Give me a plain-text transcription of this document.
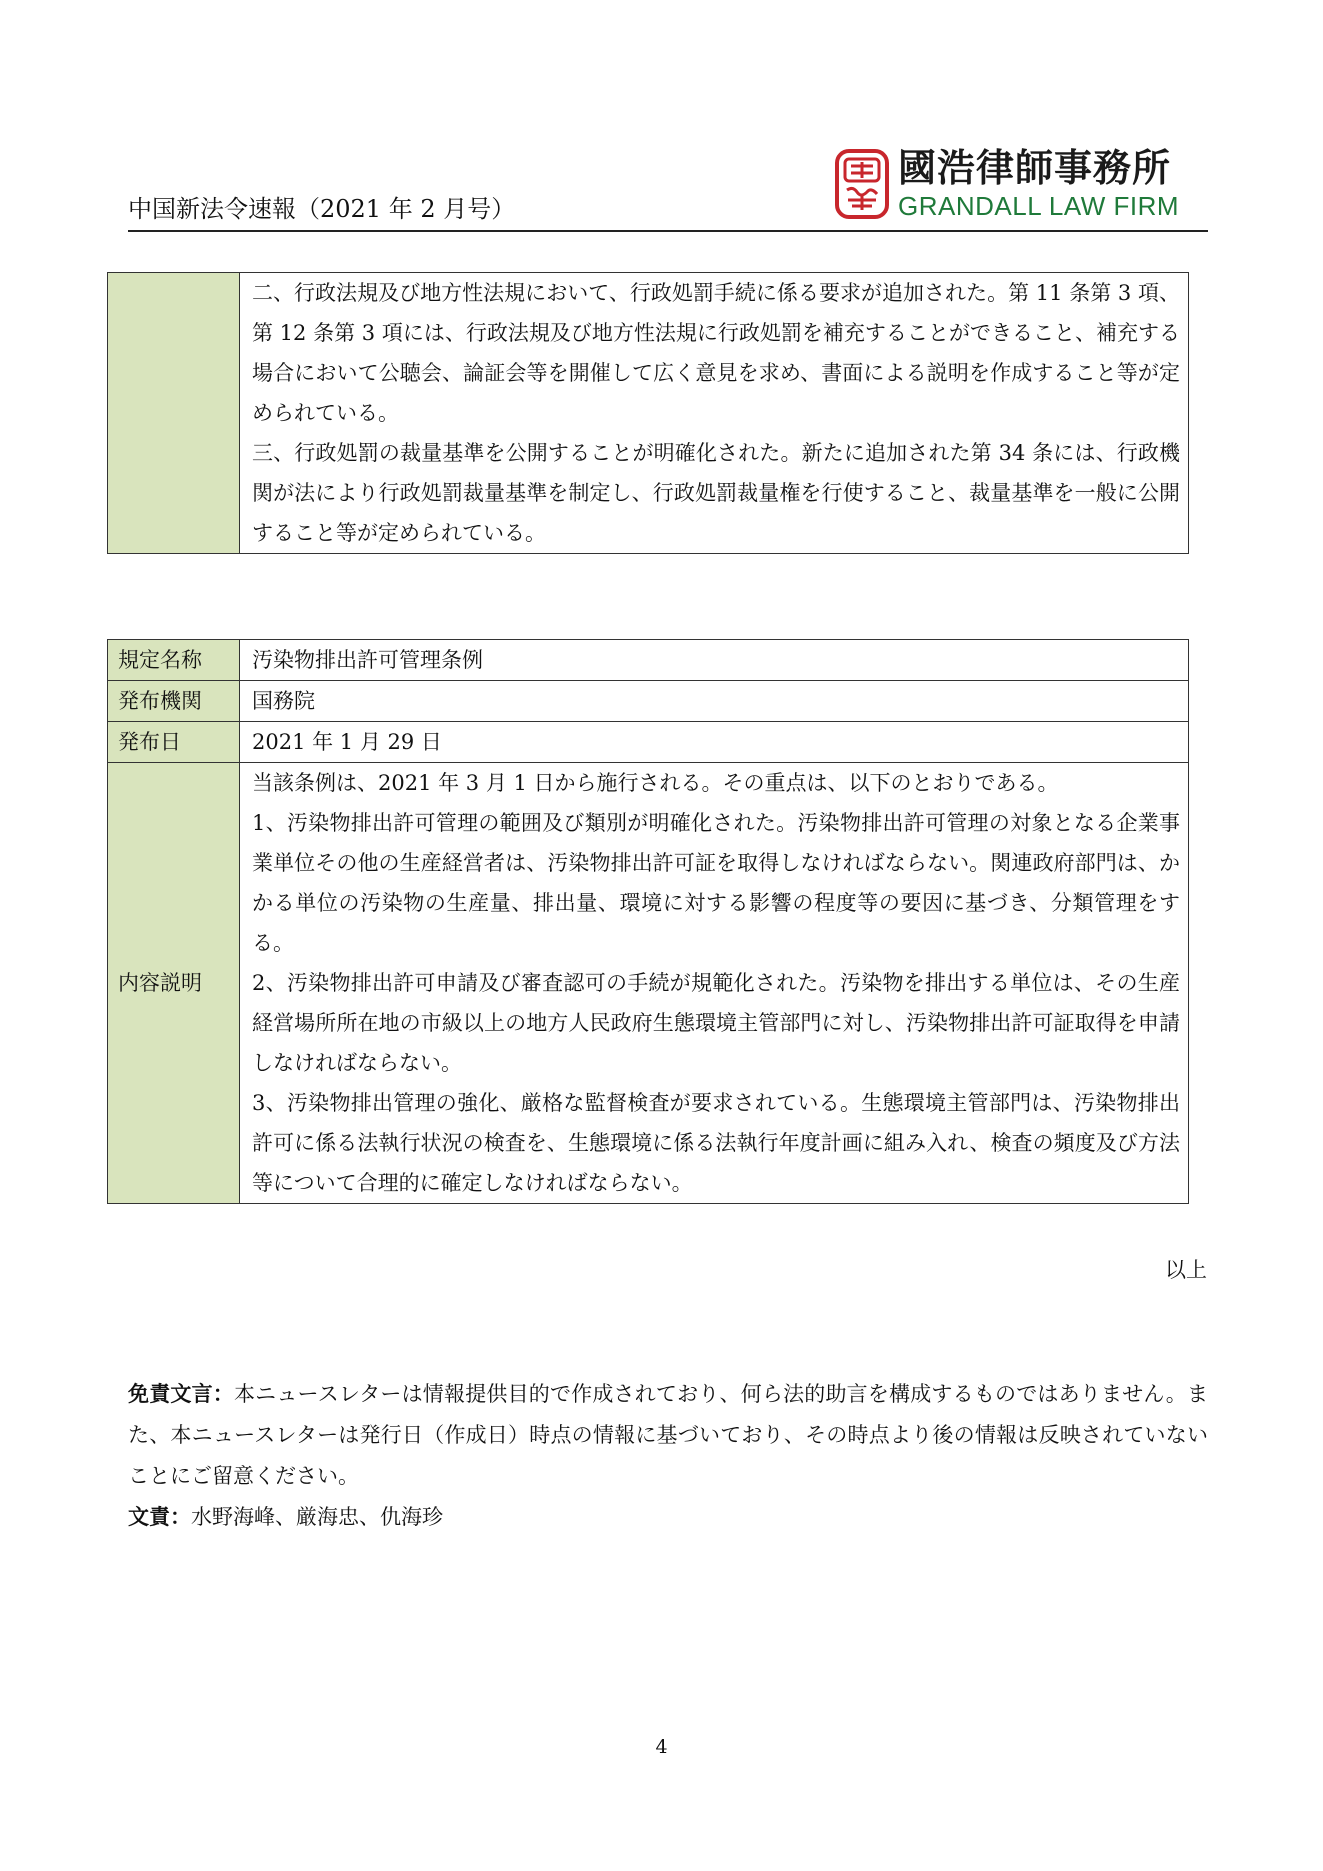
中国新法令速報（2021 年 2 月号）
國浩律師事務所
GRANDALL LAW FIRM

二、行政法規及び地方性法規において、行政処罰手続に係る要求が追加された。第 11 条第 3 項、第 12 条第 3 項には、行政法規及び地方性法規に行政処罰を補充することができること、補充する場合において公聴会、論証会等を開催して広く意見を求め、書面による説明を作成すること等が定められている。

三、行政処罰の裁量基準を公開することが明確化された。新たに追加された第 34 条には、行政機関が法により行政処罰裁量基準を制定し、行政処罰裁量権を行使すること、裁量基準を一般に公開すること等が定められている。

規定名称	汚染物排出許可管理条例
発布機関	国務院
発布日	2021 年 1 月 29 日
内容説明	当該条例は、2021 年 3 月 1 日から施行される。その重点は、以下のとおりである。

1、汚染物排出許可管理の範囲及び類別が明確化された。汚染物排出許可管理の対象となる企業事業単位その他の生産経営者は、汚染物排出許可証を取得しなければならない。関連政府部門は、かかる単位の汚染物の生産量、排出量、環境に対する影響の程度等の要因に基づき、分類管理をする。

2、汚染物排出許可申請及び審査認可の手続が規範化された。汚染物を排出する単位は、その生産経営場所所在地の市級以上の地方人民政府生態環境主管部門に対し、汚染物排出許可証取得を申請しなければならない。

3、汚染物排出管理の強化、厳格な監督検査が要求されている。生態環境主管部門は、汚染物排出許可に係る法執行状況の検査を、生態環境に係る法執行年度計画に組み入れ、検査の頻度及び方法等について合理的に確定しなければならない。

以上

免責文言：本ニュースレターは情報提供目的で作成されており、何ら法的助言を構成するものではありません。また、本ニュースレターは発行日（作成日）時点の情報に基づいており、その時点より後の情報は反映されていないことにご留意ください。

文責：水野海峰、厳海忠、仇海珍

4
